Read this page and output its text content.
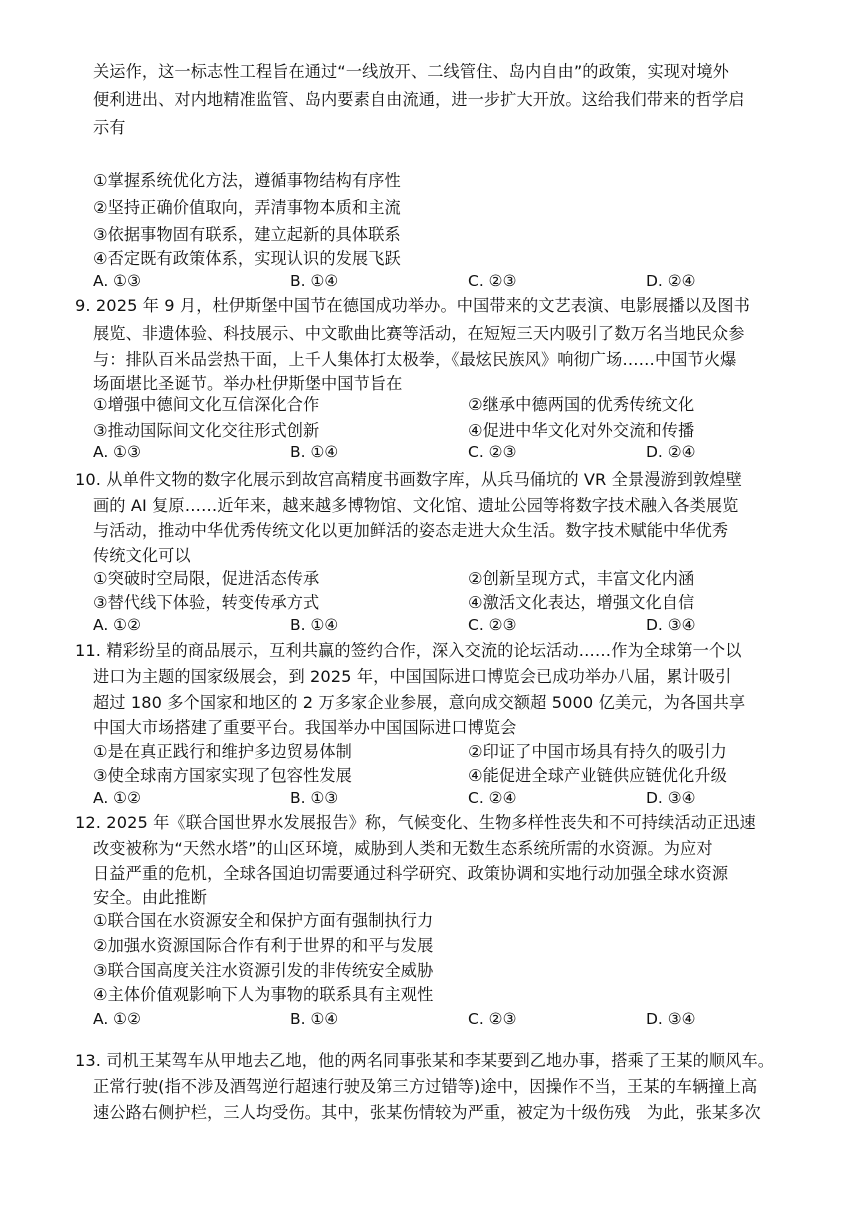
关运作，这一标志性工程旨在通过“一线放开、二线管住、岛内自由”的政策，实现对境外
便利进出、对内地精准监管、岛内要素自由流通，进一步扩大开放。这给我们带来的哲学启
示有
①掌握系统优化方法，遵循事物结构有序性
②坚持正确价值取向，弄清事物本质和主流
③依据事物固有联系，建立起新的具体联系
④否定既有政策体系，实现认识的发展飞跃
A. ①③	B. ①④	C. ②③	D. ②④
9. 2025 年 9 月，杜伊斯堡中国节在德国成功举办。中国带来的文艺表演、电影展播以及图书
展览、非遗体验、科技展示、中文歌曲比赛等活动，在短短三天内吸引了数万名当地民众参
与：排队百米品尝热干面，上千人集体打太极拳，《最炫民族风》响彻广场……中国节火爆
场面堪比圣诞节。举办杜伊斯堡中国节旨在
①增强中德间文化互信深化合作	②继承中德两国的优秀传统文化
③推动国际间文化交往形式创新	④促进中华文化对外交流和传播
A. ①③	B. ①④	C. ②③	D. ②④
10. 从单件文物的数字化展示到故宫高精度书画数字库，从兵马俑坑的 VR 全景漫游到敦煌壁
画的 AI 复原……近年来，越来越多博物馆、文化馆、遗址公园等将数字技术融入各类展览
与活动，推动中华优秀传统文化以更加鲜活的姿态走进大众生活。数字技术赋能中华优秀
传统文化可以
①突破时空局限，促进活态传承	②创新呈现方式，丰富文化内涵
③替代线下体验，转变传承方式	④激活文化表达，增强文化自信
A. ①②	B. ①④	C. ②③	D. ③④
11. 精彩纷呈的商品展示，互利共赢的签约合作，深入交流的论坛活动……作为全球第一个以
进口为主题的国家级展会，到 2025 年，中国国际进口博览会已成功举办八届，累计吸引
超过 180 多个国家和地区的 2 万多家企业参展，意向成交额超 5000 亿美元，为各国共享
中国大市场搭建了重要平台。我国举办中国国际进口博览会
①是在真正践行和维护多边贸易体制	②印证了中国市场具有持久的吸引力
③使全球南方国家实现了包容性发展	④能促进全球产业链供应链优化升级
A. ①②	B. ①③	C. ②④	D. ③④
12. 2025 年《联合国世界水发展报告》称，气候变化、生物多样性丧失和不可持续活动正迅速
改变被称为“天然水塔”的山区环境，威胁到人类和无数生态系统所需的水资源。为应对
日益严重的危机，全球各国迫切需要通过科学研究、政策协调和实地行动加强全球水资源
安全。由此推断
①联合国在水资源安全和保护方面有强制执行力
②加强水资源国际合作有利于世界的和平与发展
③联合国高度关注水资源引发的非传统安全威胁
④主体价值观影响下人为事物的联系具有主观性
A. ①②	B. ①④	C. ②③	D. ③④
13. 司机王某驾车从甲地去乙地，他的两名同事张某和李某要到乙地办事，搭乘了王某的顺风车。
正常行驶(指不涉及酒驾逆行超速行驶及第三方过错等)途中，因操作不当，王某的车辆撞上高
速公路右侧护栏，三人均受伤。其中，张某伤情较为严重，被定为十级伤残　为此，张某多次
